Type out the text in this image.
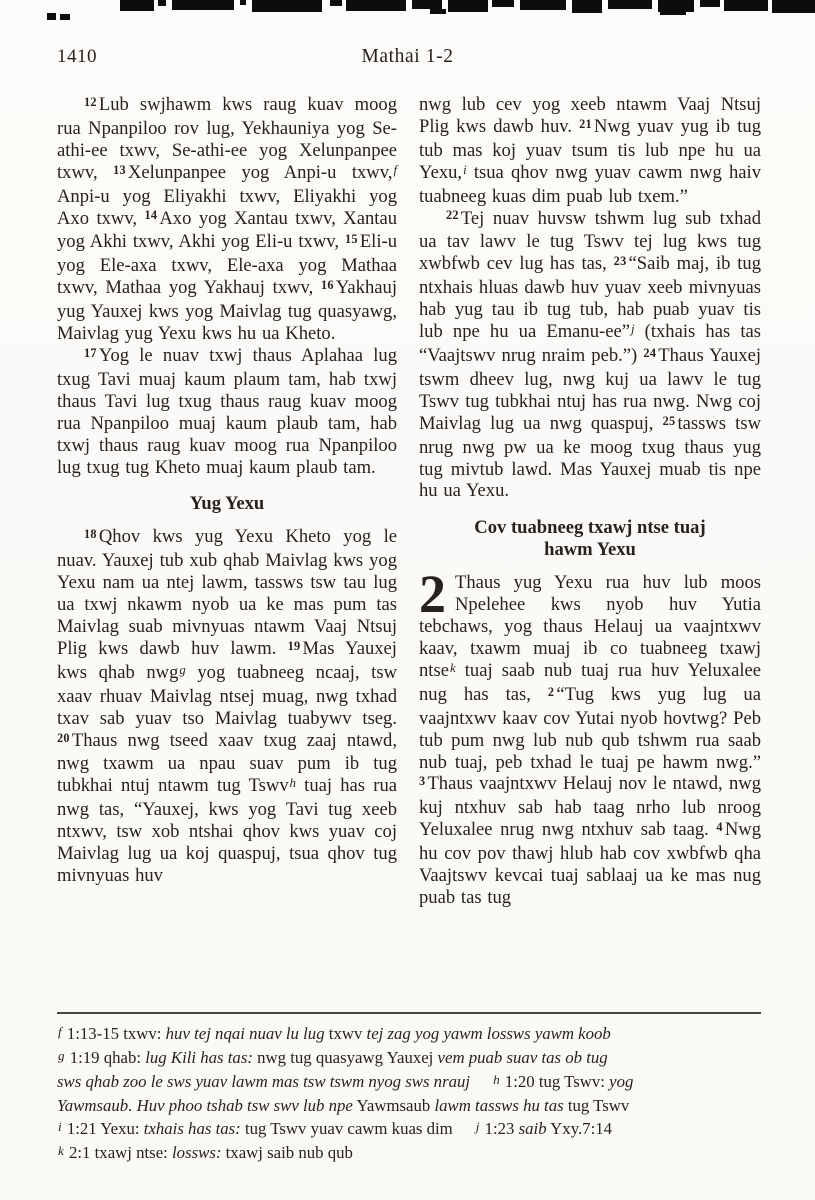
1410	Mathai 1-2
$^{12}$ Lub swjhawm kws raug kuav moog rua Npanpiloo rov lug, Yekhauniya yog Se-athi-ee txwv, Se-athi-ee yog Xelunpanpee txwv, $^{13}$ Xelunpanpee yog Anpi-u txwv,$^f$ Anpi-u yog Eliyakhi txwv, Eliyakhi yog Axo txwv, $^{14}$ Axo yog Xantau txwv, Xantau yog Akhi txwv, Akhi yog Eli-u txwv, $^{15}$ Eli-u yog Ele-axa txwv, Ele-axa yog Mathaa txwv, Mathaa yog Yakhauj txwv, $^{16}$ Yakhauj yug Yauxej kws yog Maivlag tug quasyawg, Maivlag yug Yexu kws hu ua Kheto.
$^{17}$ Yog le nuav txwj thaus Aplahaa lug txug Tavi muaj kaum plaum tam, hab txwj thaus Tavi lug txug thaus raug kuav moog rua Npanpiloo muaj kaum plaub tam, hab txwj thaus raug kuav moog rua Npanpiloo lug txug tug Kheto muaj kaum plaub tam.
Yug Yexu
$^{18}$ Qhov kws yug Yexu Kheto yog le nuav. Yauxej tub xub qhab Maivlag kws yog Yexu nam ua ntej lawm, tassws tsw tau lug ua txwj nkawm nyob ua ke mas pum tas Maivlag suab mivnyuas ntawm Vaaj Ntsuj Plig kws dawb huv lawm. $^{19}$ Mas Yauxej kws qhab nwg$^g$ yog tuabneeg ncaaj, tsw xaav rhuav Maivlag ntsej muag, nwg txhad txav sab yuav tso Maivlag tuabywv tseg. $^{20}$ Thaus nwg tseed xaav txug zaaj ntawd, nwg txawm ua npau suav pum ib tug tubkhai ntuj ntawm tug Tswv$^h$ tuaj has rua nwg tas, “Yauxej, kws yog Tavi tug xeeb ntxwv, tsw xob ntshai qhov kws yuav coj Maivlag lug ua koj quaspuj, tsua qhov tug mivnyuas huv
nwg lub cev yog xeeb ntawm Vaaj Ntsuj Plig kws dawb huv. $^{21}$ Nwg yuav yug ib tug tub mas koj yuav tsum tis lub npe hu ua Yexu,$^i$ tsua qhov nwg yuav cawm nwg haiv tuabneeg kuas dim puab lub txem.”
$^{22}$ Tej nuav huvsw tshwm lug sub txhad ua tav lawv le tug Tswv tej lug kws tug xwbfwb cev lug has tas, $^{23}$ “Saib maj, ib tug ntxhais hluas dawb huv yuav xeeb mivnyuas hab yug tau ib tug tub, hab puab yuav tis lub npe hu ua Emanu-ee”$^j$ (txhais has tas “Vaajtswv nrug nraim peb.”) $^{24}$ Thaus Yauxej tswm dheev lug, nwg kuj ua lawv le tug Tswv tug tubkhai ntuj has rua nwg. Nwg coj Maivlag lug ua nwg quaspuj, $^{25}$ tassws tsw nrug nwg pw ua ke moog txug thaus yug tug mivtub lawd. Mas Yauxej muab tis npe hu ua Yexu.
Cov tuabneeg txawj ntse tuaj
hawm Yexu
2 Thaus yug Yexu rua huv lub moos Npelehee kws nyob huv Yutia tebchaws, yog thaus Helauj ua vaajntxwv kaav, txawm muaj ib co tuabneeg txawj ntse$^k$ tuaj saab nub tuaj rua huv Yeluxalee nug has tas, $^2$ “Tug kws yug lug ua vaajntxwv kaav cov Yutai nyob hovtwg? Peb tub pum nwg lub nub qub tshwm rua saab nub tuaj, peb txhad le tuaj pe hawm nwg.” $^3$ Thaus vaajntxwv Helauj nov le ntawd, nwg kuj ntxhuv sab hab taag nrho lub nroog Yeluxalee nrug nwg ntxhuv sab taag. $^4$ Nwg hu cov pov thawj hlub hab cov xwbfwb qha Vaajtswv kevcai tuaj sablaaj ua ke mas nug puab tas tug
f 1:13-15 txwv: huv tej nqai nuav lu lug txwv tej zag yog yawm lossws yawm koob
g 1:19 qhab: lug Kili has tas: nwg tug quasyawg Yauxej vem puab suav tas ob tug
sws qhab zoo le sws yuav lawm mas tsw tswm nyog sws nrauj h 1:20 tug Tswv: yog
Yawmsaub. Huv phoo tshab tsw swv lub npe Yawmsaub lawm tassws hu tas tug Tswv
i 1:21 Yexu: txhais has tas: tug Tswv yuav cawm kuas dim j 1:23 saib Yxy.7:14
k 2:1 txawj ntse: lossws: txawj saib nub qub
